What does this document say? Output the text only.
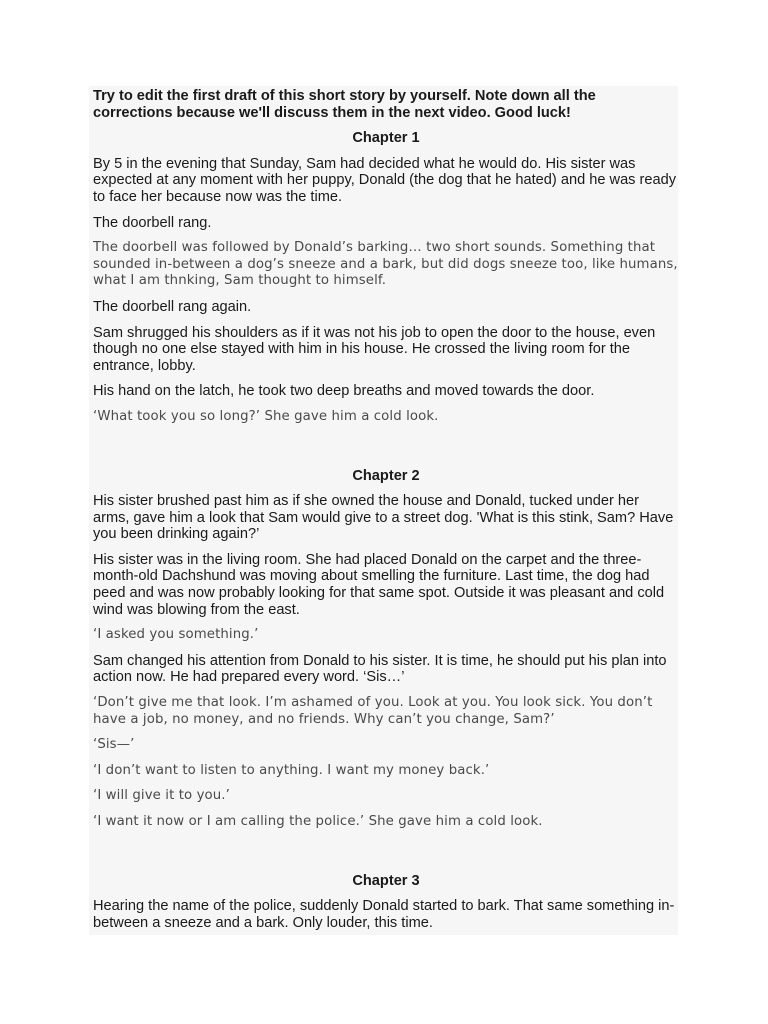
Try to edit the first draft of this short story by yourself. Note down all the corrections because we'll discuss them in the next video. Good luck!

Chapter 1

By 5 in the evening that Sunday, Sam had decided what he would do. His sister was expected at any moment with her puppy, Donald (the dog that he hated) and he was ready to face her because now was the time.

The doorbell rang.

The doorbell was followed by Donald’s barking… two short sounds. Something that sounded in-between a dog’s sneeze and a bark, but did dogs sneeze too, like humans, what I am thnking, Sam thought to himself.

The doorbell rang again.

Sam shrugged his shoulders as if it was not his job to open the door to the house, even though no one else stayed with him in his house. He crossed the living room for the entrance, lobby.

His hand on the latch, he took two deep breaths and moved towards the door.

‘What took you so long?’ She gave him a cold look.

Chapter 2

His sister brushed past him as if she owned the house and Donald, tucked under her arms, gave him a look that Sam would give to a street dog. 'What is this stink, Sam? Have you been drinking again?’

His sister was in the living room. She had placed Donald on the carpet and the three-month-old Dachshund was moving about smelling the furniture. Last time, the dog had peed and was now probably looking for that same spot. Outside it was pleasant and cold wind was blowing from the east.

‘I asked you something.’

Sam changed his attention from Donald to his sister. It is time, he should put his plan into action now. He had prepared every word. ‘Sis…’

‘Don’t give me that look. I’m ashamed of you. Look at you. You look sick. You don’t have a job, no money, and no friends. Why can’t you change, Sam?’

‘Sis—’

‘I don’t want to listen to anything. I want my money back.’

‘I will give it to you.’

‘I want it now or I am calling the police.’ She gave him a cold look.

Chapter 3

Hearing the name of the police, suddenly Donald started to bark. That same something in-between a sneeze and a bark. Only louder, this time.
